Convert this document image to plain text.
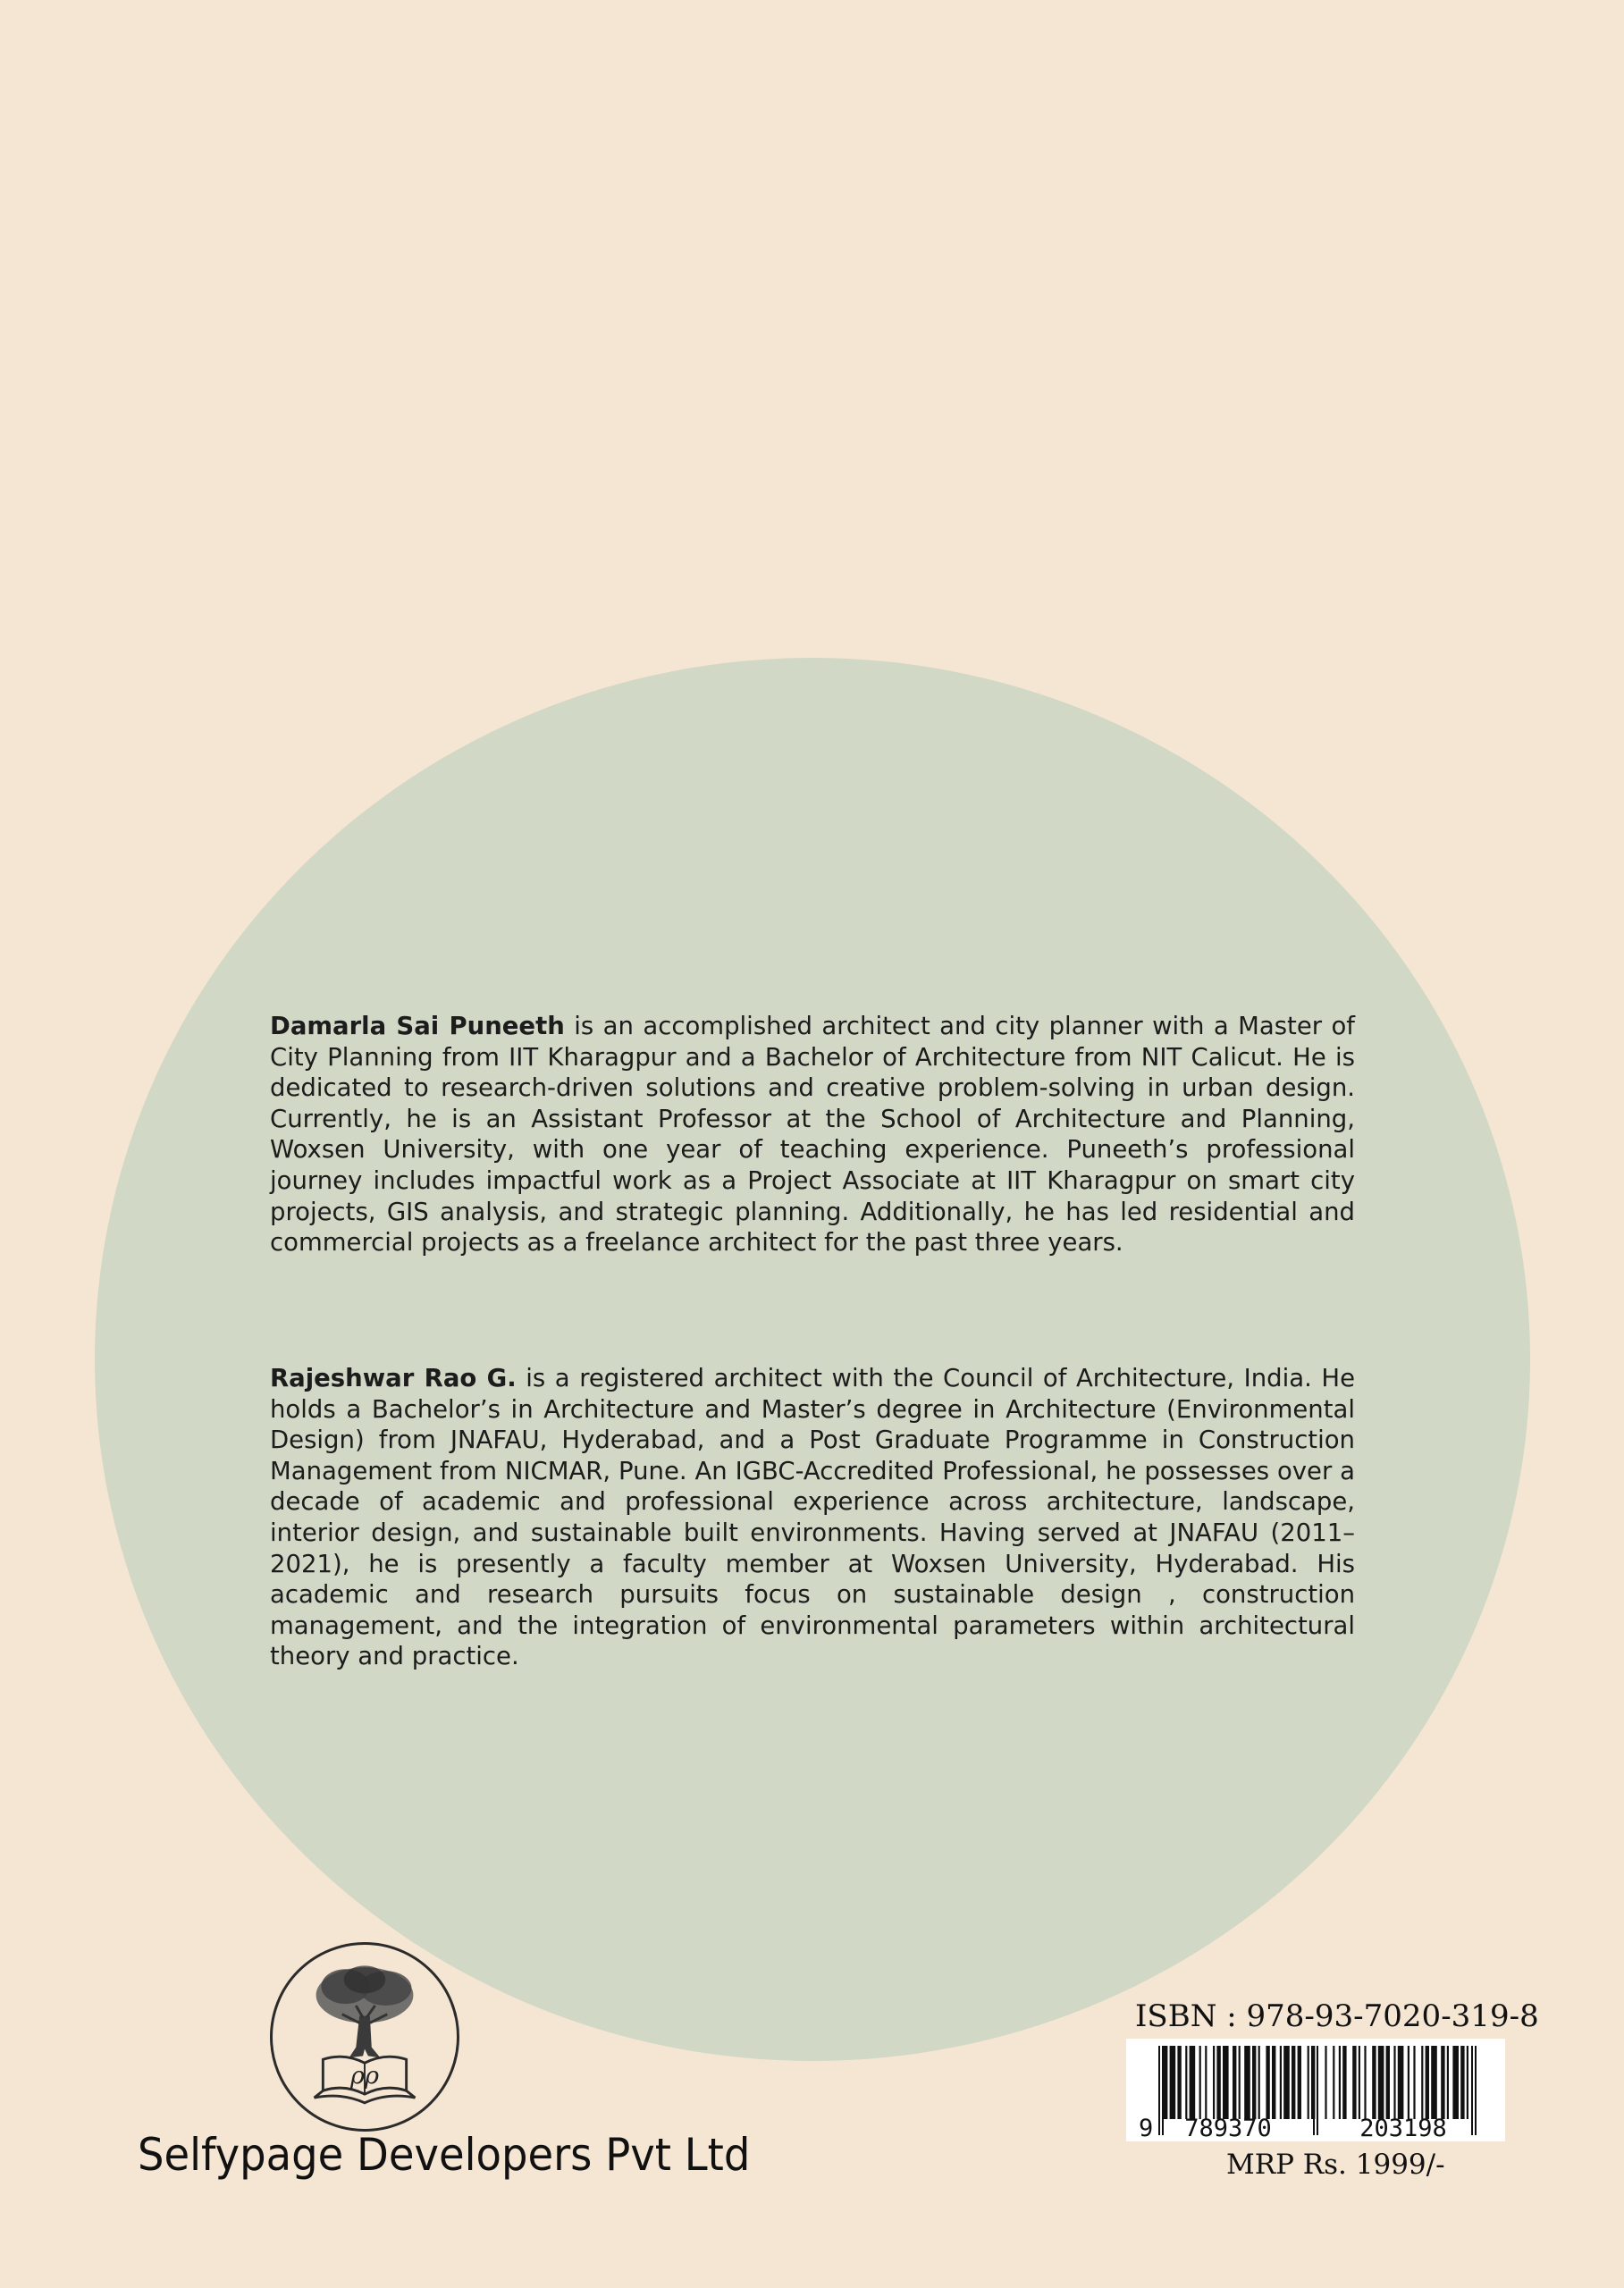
Damarla Sai Puneeth is an accomplished architect and city planner with a Master of City Planning from IIT Kharagpur and a Bachelor of Architecture from NIT Calicut. He is dedicated to research-driven solutions and creative problem-solving in urban design. Currently, he is an Assistant Professor at the School of Architecture and Planning, Woxsen University, with one year of teaching experience. Puneeth’s professional journey includes impactful work as a Project Associate at IIT Kharagpur on smart city projects, GIS analysis, and strategic planning. Additionally, he has led residential and commercial projects as a freelance architect for the past three years.

Rajeshwar Rao G. is a registered architect with the Council of Architecture, India. He holds a Bachelor’s in Architecture and Master’s degree in Architecture (Environmental Design) from JNAFAU, Hyderabad, and a Post Graduate Programme in Construction Management from NICMAR, Pune. An IGBC-Accredited Professional, he possesses over a decade of academic and professional experience across architecture, landscape, interior design, and sustainable built environments. Having served at JNAFAU (2011–2021), he is presently a faculty member at Woxsen University, Hyderabad. His academic and research pursuits focus on sustainable design , construction management, and the integration of environmental parameters within architectural theory and practice.

ρρ
Selfypage Developers Pvt Ltd
ISBN : 978-93-7020-319-8
9 789370	203198
MRP Rs. 1999/-
